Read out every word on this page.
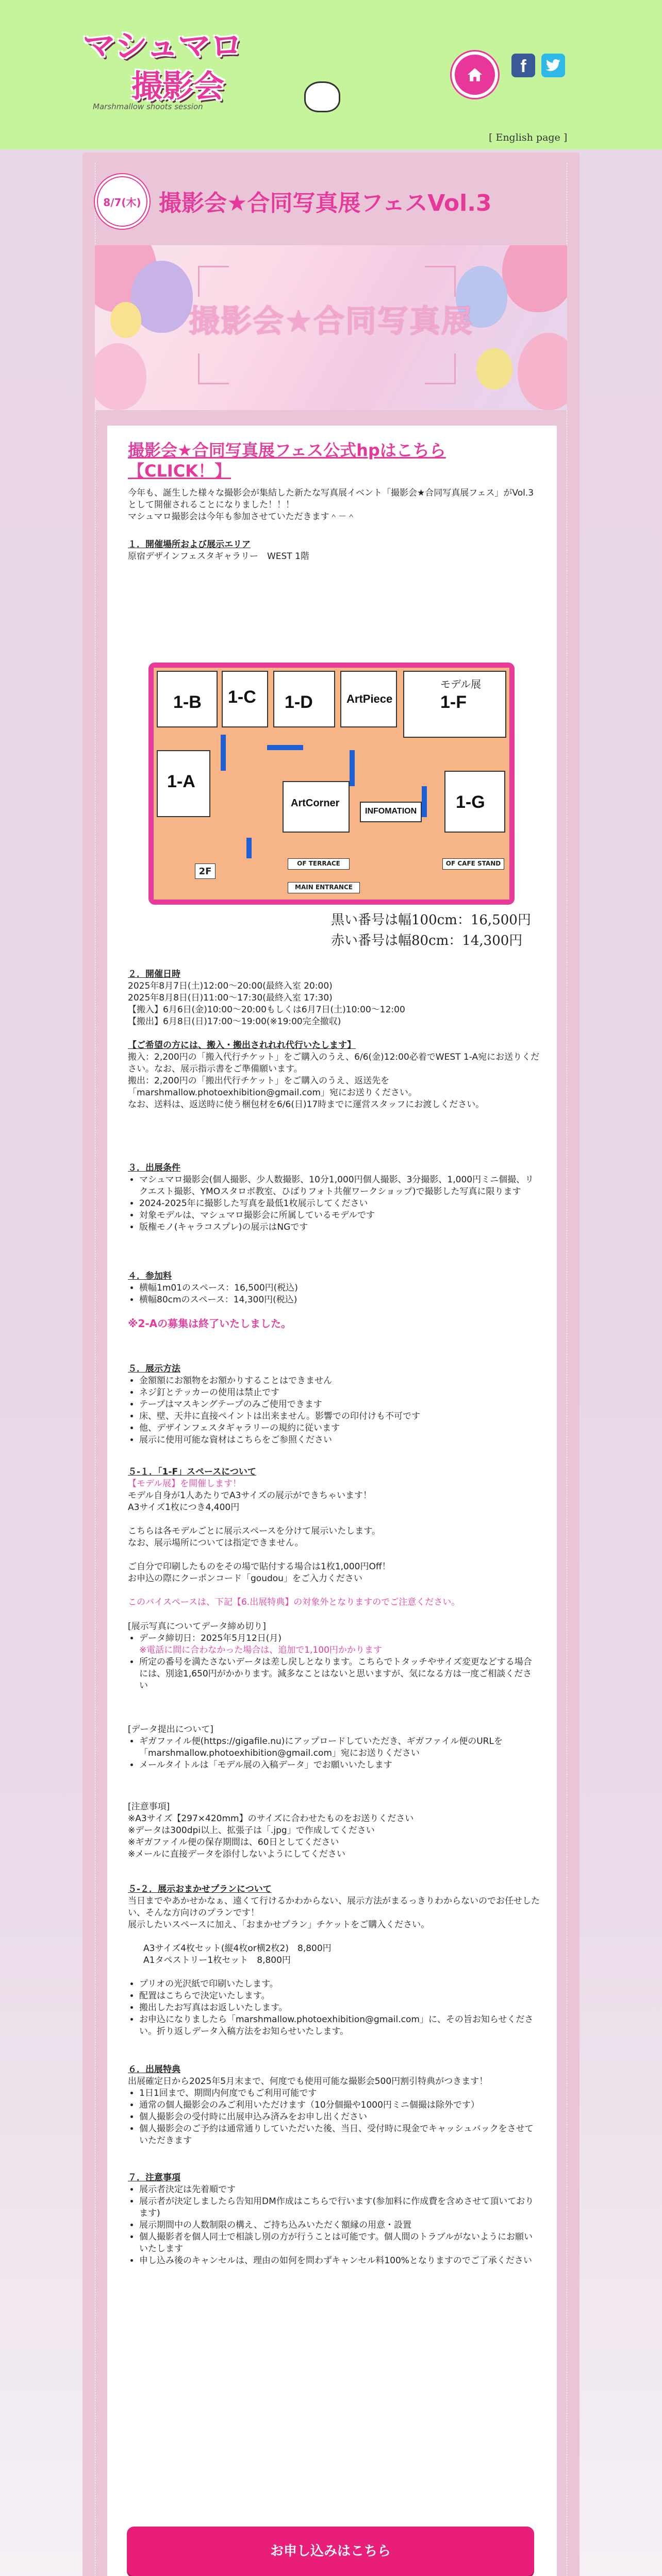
マシュマロ
撮影会
Marshmallow shoots session
f
[ English page ]
8/7(木) 撮影会★合同写真展フェスVol.3
撮影会★合同写真展
撮影会★合同写真展フェス公式hpはこちら【CLICK！】

今年も、誕生した様々な撮影会が集結した新たな写真展イベント「撮影会★合同写真展フェス」がVol.3として開催されることになりました！！！

マシュマロ撮影会は今年も参加させていただきます＾－＾

１．開催場所および展示エリア

原宿デザインフェスタギャラリー　WEST 1階

1-B 1-C 1-D	ArtPiece
モデル展
1-F
1-A
ArtCorner
INFOMATION 1-G
2F
OF TERRACE
MAIN ENTRANCE
OF CAFE STAND

黒い番号は幅100cm：16,500円

赤い番号は幅80cm：14,300円

２．開催日時

2025年8月7日(土)12:00〜20:00(最終入室 20:00)

2025年8月8日(日)11:00〜17:30(最終入室 17:30)

【搬入】6月6日(金)10:00〜20:00もしくは6月7日(土)10:00〜12:00

【搬出】6月8日(日)17:00〜19:00(※19:00完全撤収)

【ご希望の方には、搬入・搬出されれれ代行いたします】

搬入：2,200円の「搬入代行チケット」をご購入のうえ、6/6(金)12:00必着でWEST 1-A宛にお送りください。なお、展示指示書をご準備願います。

搬出：2,200円の「搬出代行チケット」をご購入のうえ、返送先を「marshmallow.photoexhibition@gmail.com」宛にお送りください。

なお、送料は、返送時に使う梱包材を6/6(日)17時までに運営スタッフにお渡しください。

３．出展条件

• マシュマロ撮影会(個人撮影、少人数撮影、10分1,000円個人撮影、3分撮影、1,000円ミニ個撮、リクエスト撮影、YMOスタロボ教室、ひばりフォト共催ワークショップ)で撮影した写真に限ります
• 2024-2025年に撮影した写真を最低1枚展示してください
• 対象モデルは、マシュマロ撮影会に所属しているモデルです
• 版権モノ(キャラコスプレ)の展示はNGです

４．参加料

• 横幅1m01のスペース：16,500円(税込)
• 横幅80cmのスペース：14,300円(税込)

※2-Aの募集は終了いたしました。

５．展示方法

• 金額額にお額物をお額かりすることはできません
• ネジ釘とテッカーの使用は禁止です
• テープはマスキングテープのみご使用できます
• 床、壁、天井に直接ペイントは出来ません。影響での印付けも不可です
• 他、デザインフェスタギャラリーの規約に従います
• 展示に使用可能な資材はこちらをご参照ください

５-１．「1-F」スペースについて

【モデル展】を開催します！

モデル自身が1人あたりでA3サイズの展示ができちゃいます！

A3サイズ1枚につき4,400円

こちらは各モデルごとに展示スペースを分けて展示いたします。

なお、展示場所については指定できません。

ご自分で印刷したものをその場で貼付する場合は1枚1,000円Off！

お申込の際にクーポンコード「goudou」をご入力ください

このバイスペースは、下記【6.出展特典】の対象外となりますのでご注意ください。

[展示写真についてデータ締め切り]

• データ締切日：2025年5月12日(月)

※電話に間に合わなかった場合は、追加で1,100円かかります

• 所定の番号を満たさないデータは差し戻しとなります。こちらでトタッチやサイズ変更などする場合には、別途1,650円がかかります。減多なことはないと思いますが、気になる方は一度ご相談ください

[データ提出について]

• ギガファイル便(https://gigafile.nu)にアップロードしていただき、ギガファイル便のURLを「marshmallow.photoexhibition@gmail.com」宛にお送りください
• メールタイトルは「モデル展の入稿データ」でお願いいたします

[注意事項]

※A3サイズ【297×420mm】のサイズに合わせたものをお送りください

※データは300dpi以上、拡張子は「.jpg」で作成してください

※ギガファイル便の保存期間は、60日としてください

※メールに直接データを添付しないようにしてください

５-２．展示おまかせプランについて

当日までやあかせかなぁ、遠くて行けるかわからない、展示方法がまるっきりわからないのでお任せしたい、そんな方向けのプランです！

展示したいスペースに加え、「おまかせプラン」チケットをご購入ください。

A3サイズ4枚セット(縦4枚or横2枚2)　8,800円

A1タペストリー1枚セット　8,800円

• プリオの光沢紙で印刷いたします。
• 配置はこちらで決定いたします。
• 搬出したお写真はお返しいたします。
• お申込になりましたら「marshmallow.photoexhibition@gmail.com」に、その旨お知らせください。折り返しデータ入稿方法をお知らせいたします。

６．出展特典

出展確定日から2025年5月末まで、何度でも使用可能な撮影会500円割引特典がつきます！

• 1日1回まで、期間内何度でもご利用可能です
• 通常の個人撮影会のみご利用いただけます（10分個撮や1000円ミニ個撮は除外です）
• 個人撮影会の受付時に出展申込み済みをお申し出ください
• 個人撮影会のご予約は通常通りしていただいた後、当日、受付時に現金でキャッシュバックをさせていただきます

７．注意事項

• 展示者決定は先着順です
• 展示者が決定しましたら告知用DM作成はこちらで行います(参加料に作成費を含めさせて頂いております)
• 展示期間中の人数制限の構え、ご持ち込みいただく額縁の用意・設置
• 個人撮影者を個人同士で相談し別の方が行うことは可能です。個人間のトラブルがないようにお願いいたします
• 申し込み後のキャンセルは、理由の如何を問わずキャンセル料100%となりますのでご了承ください
お申し込みはこちら
